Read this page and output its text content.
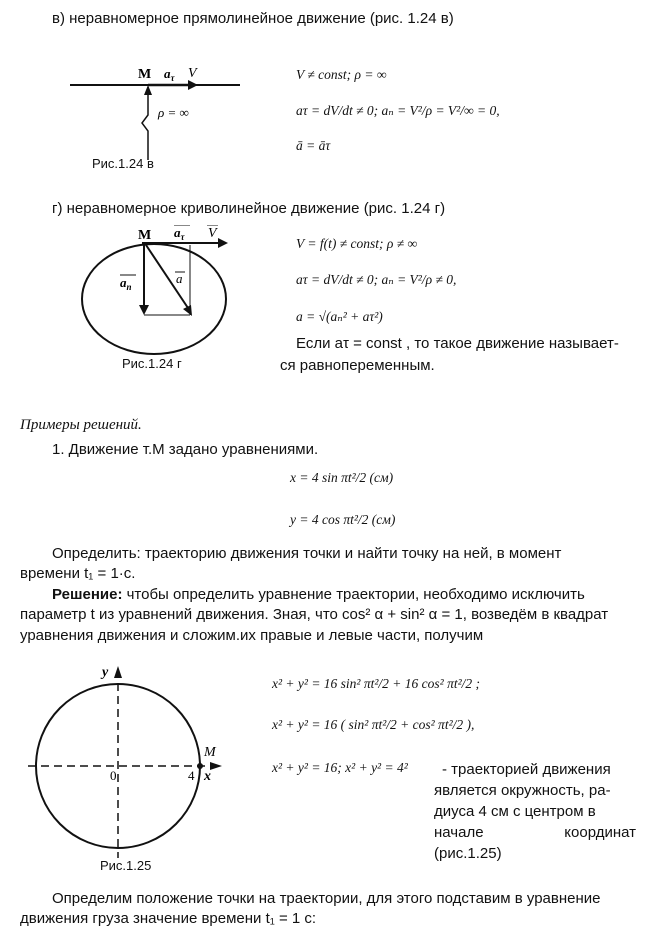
в) неравномерное прямолинейное движение (рис. 1.24 в)
M $a_\tau$ V
ρ = ∞
Рис.1.24 в
V ≠ const; ρ = ∞
aτ = dV/dt ≠ 0; aₙ = V²/ρ = V²/∞ = 0,
ā = āτ
г) неравномерное криволинейное движение (рис. 1.24 г)
M $a_\tau$ V
$a_n$
a
Рис.1.24 г
V = f(t) ≠ const; ρ ≠ ∞
aτ = dV/dt ≠ 0; aₙ = V²/ρ ≠ 0,
a = √(aₙ² + aτ²)
Если aτ = const , то такое движение называет-
ся равнопеременным.
Примеры решений.
1. Движение т.М задано уравнениями.
x = 4 sin πt²/2 (см)
y = 4 cos πt²/2 (см)
Определить: траекторию движения точки и найти точку на ней, в момент
времени t₁ = 1·c.
Решение: чтобы определить уравнение траектории, необходимо исключить
параметр t из уравнений движения. Зная, что cos² α + sin² α = 1, возведём в квадрат
уравнения движения и сложим.их правые и левые части, получим
y
x
0	4
M
Рис.1.25
x² + y² = 16 sin² πt²/2 + 16 cos² πt²/2 ;
x² + y² = 16 ( sin² πt²/2 + cos² πt²/2 ),
x² + y² = 16; x² + y² = 4² - траекторией движения
является окружность, ра-
диуса 4 см с центром в
начале координат
(рис.1.25)
Определим положение точки на траектории, для этого подставим в уравнение
движения груза значение времени t₁ = 1 с:
